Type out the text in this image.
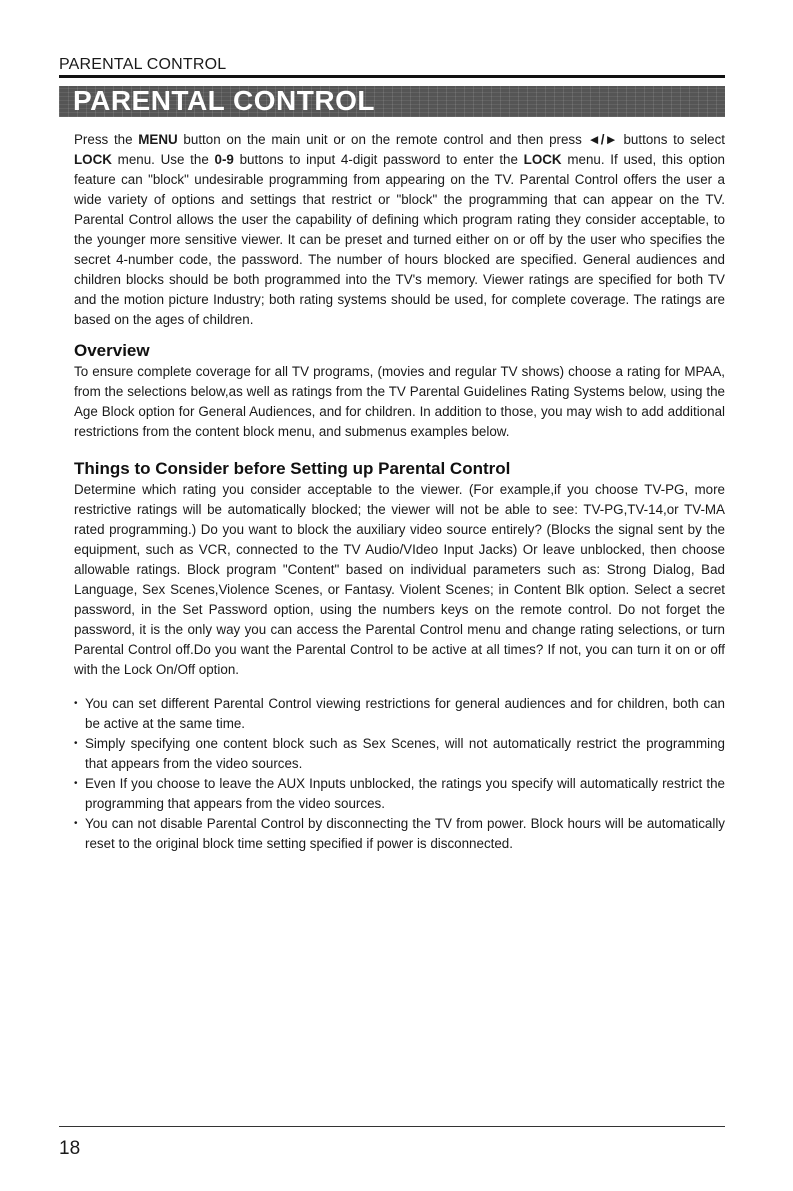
PARENTAL CONTROL
PARENTAL CONTROL

Press the MENU button on the main unit or on the remote control and then press ◄/► buttons to select LOCK menu. Use the 0-9 buttons to input 4-digit password to enter the LOCK menu. If used, this option feature can "block" undesirable programming from appearing on the TV. Parental Control offers the user a wide variety of options and settings that restrict or "block" the programming that can appear on the TV. Parental Control allows the user the capability of defining which program rating they consider acceptable, to the younger more sensitive viewer. It can be preset and turned either on or off by the user who specifies the secret 4-number code, the password. The number of hours blocked are specified. General audiences and children blocks should be both programmed into the TV's memory. Viewer ratings are specified for both TV and the motion picture Industry; both rating systems should be used, for complete coverage. The ratings are based on the ages of children.

Overview

To ensure complete coverage for all TV programs, (movies and regular TV shows) choose a rating for MPAA, from the selections below,as well as ratings from the TV Parental Guidelines Rating Systems below, using the Age Block option for General Audiences, and for children. In addition to those, you may wish to add additional restrictions from the content block menu, and submenus examples below.

Things to Consider before Setting up Parental Control

Determine which rating you consider acceptable to the viewer. (For example,if you choose TV-PG, more restrictive ratings will be automatically blocked; the viewer will not be able to see: TV-PG,TV-14,or TV-MA rated programming.) Do you want to block the auxiliary video source entirely? (Blocks the signal sent by the equipment, such as VCR, connected to the TV Audio/VIdeo Input Jacks) Or leave unblocked, then choose allowable ratings. Block program "Content" based on individual parameters such as: Strong Dialog, Bad Language, Sex Scenes,Violence Scenes, or Fantasy. Violent Scenes; in Content Blk option. Select a secret password, in the Set Password option, using the numbers keys on the remote control. Do not forget the password, it is the only way you can access the Parental Control menu and change rating selections, or turn Parental Control off.Do you want the Parental Control to be active at all times? If not, you can turn it on or off with the Lock On/Off option.

• You can set different Parental Control viewing restrictions for general audiences and for children, both can be active at the same time.
• Simply specifying one content block such as Sex Scenes, will not automatically restrict the programming that appears from the video sources.
• Even If you choose to leave the AUX Inputs unblocked, the ratings you specify will automatically restrict the programming that appears from the video sources.
• You can not disable Parental Control by disconnecting the TV from power. Block hours will be automatically reset to the original block time setting specified if power is disconnected.
18
